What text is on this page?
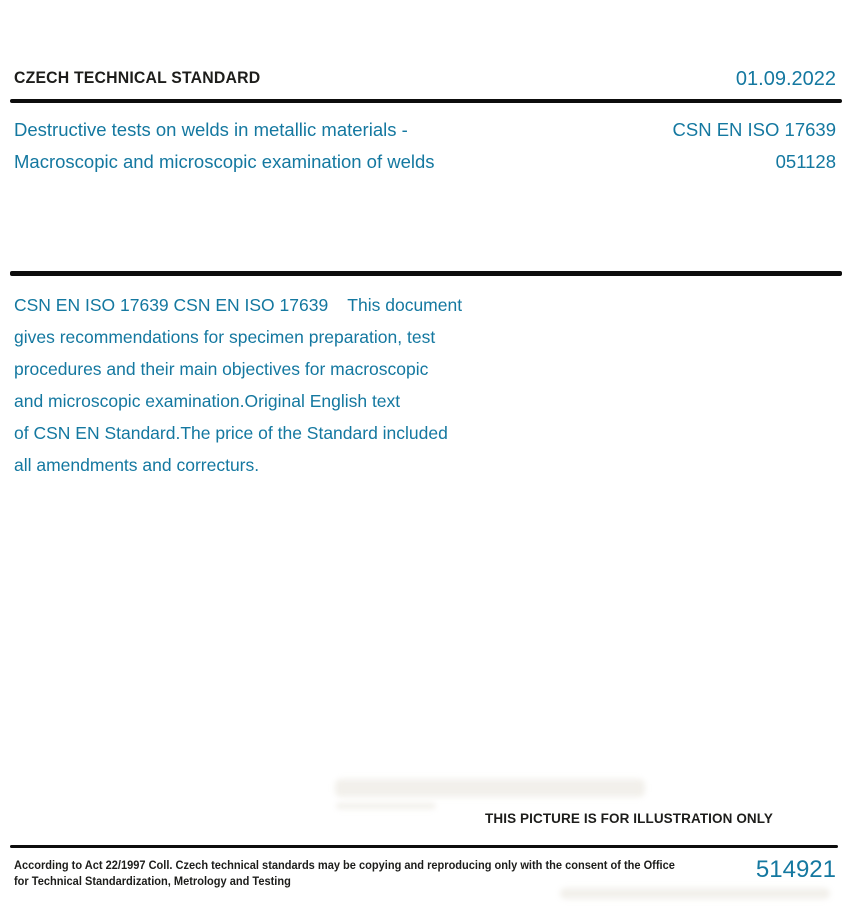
CZECH TECHNICAL STANDARD	01.09.2022
Destructive tests on welds in metallic materials -	CSN EN ISO 17639
Macroscopic and microscopic examination of welds	051128
CSN EN ISO 17639 CSN EN ISO 17639    This document
gives recommendations for specimen preparation, test
procedures and their main objectives for macroscopic
and microscopic examination.Original English text
of CSN EN Standard.The price of the Standard included
all amendments and correcturs.
THIS PICTURE IS FOR ILLUSTRATION ONLY
According to Act 22/1997 Coll. Czech technical standards may be copying and reproducing only with the consent of the Office
for Technical Standardization, Metrology and Testing	514921
